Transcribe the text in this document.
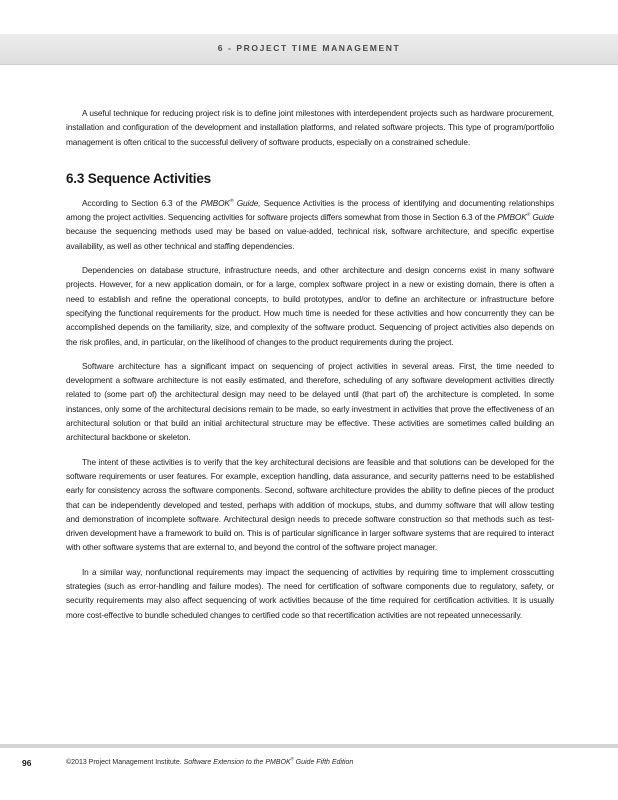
6 - PROJECT TIME MANAGEMENT

A useful technique for reducing project risk is to define joint milestones with interdependent projects such as hardware procurement, installation and configuration of the development and installation platforms, and related software projects. This type of program/portfolio management is often critical to the successful delivery of software products, especially on a constrained schedule.

6.3 Sequence Activities

According to Section 6.3 of the PMBOK® Guide, Sequence Activities is the process of identifying and documenting relationships among the project activities. Sequencing activities for software projects differs somewhat from those in Section 6.3 of the PMBOK® Guide because the sequencing methods used may be based on value-added, technical risk, software architecture, and specific expertise availability, as well as other technical and staffing dependencies.

Dependencies on database structure, infrastructure needs, and other architecture and design concerns exist in many software projects. However, for a new application domain, or for a large, complex software project in a new or existing domain, there is often a need to establish and refine the operational concepts, to build prototypes, and/or to define an architecture or infrastructure before specifying the functional requirements for the product. How much time is needed for these activities and how concurrently they can be accomplished depends on the familiarity, size, and complexity of the software product. Sequencing of project activities also depends on the risk profiles, and, in particular, on the likelihood of changes to the product requirements during the project.

Software architecture has a significant impact on sequencing of project activities in several areas. First, the time needed to development a software architecture is not easily estimated, and therefore, scheduling of any software development activities directly related to (some part of) the architectural design may need to be delayed until (that part of) the architecture is completed. In some instances, only some of the architectural decisions remain to be made, so early investment in activities that prove the effectiveness of an architectural solution or that build an initial architectural structure may be effective. These activities are sometimes called building an architectural backbone or skeleton.

The intent of these activities is to verify that the key architectural decisions are feasible and that solutions can be developed for the software requirements or user features. For example, exception handling, data assurance, and security patterns need to be established early for consistency across the software components. Second, software architecture provides the ability to define pieces of the product that can be independently developed and tested, perhaps with addition of mockups, stubs, and dummy software that will allow testing and demonstration of incomplete software. Architectural design needs to precede software construction so that methods such as test-driven development have a framework to build on. This is of particular significance in larger software systems that are required to interact with other software systems that are external to, and beyond the control of the software project manager.

In a similar way, nonfunctional requirements may impact the sequencing of activities by requiring time to implement crosscutting strategies (such as error-handling and failure modes). The need for certification of software components due to regulatory, safety, or security requirements may also affect sequencing of work activities because of the time required for certification activities. It is usually more cost-effective to bundle scheduled changes to certified code so that recertification activities are not repeated unnecessarily.

96	©2013 Project Management Institute. Software Extension to the PMBOK® Guide Fifth Edition
